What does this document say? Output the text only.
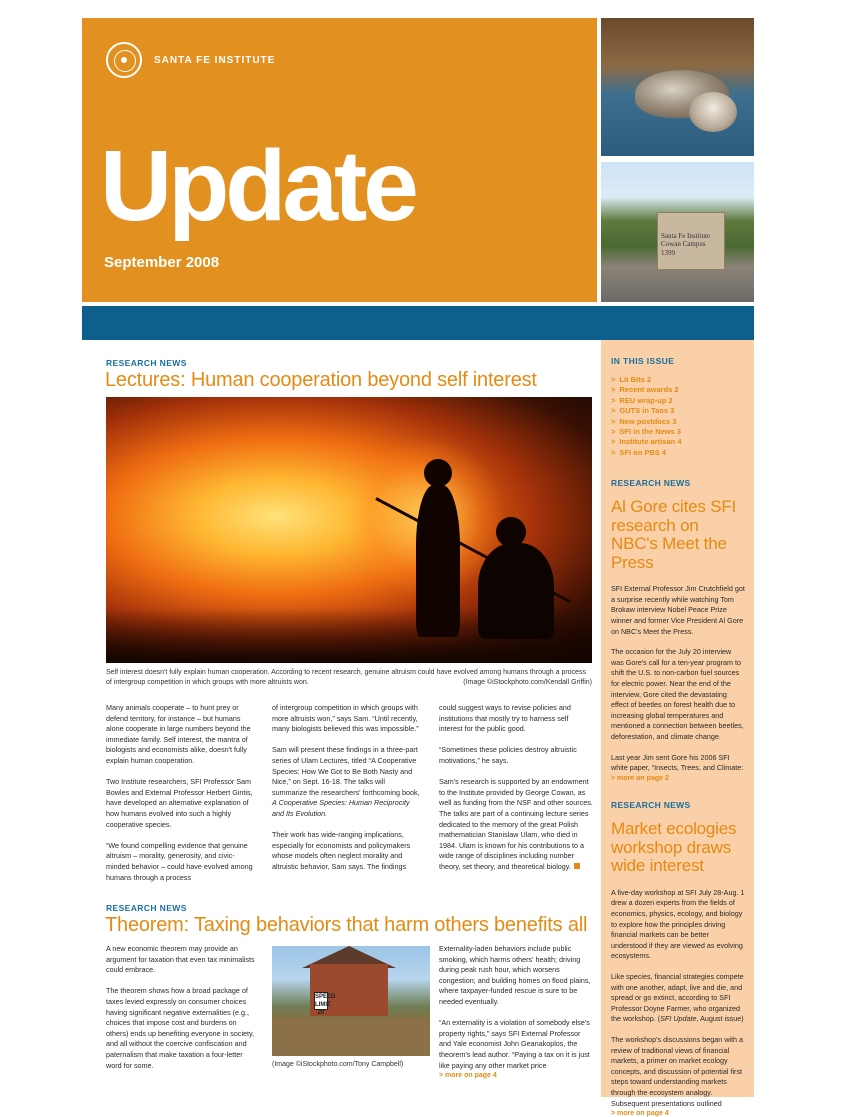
SANTA FE INSTITUTE
Update
September 2008
Santa Fe Institute
Cowan Campus
1399
IN THIS ISSUE
> Lit Bits 2
> Recent awards 2
> REU wrap-up 2
> GUTS in Taos 3
> New postdocs 3
> SFI in the News 3
> Institute artisan 4
> SFI on PBS 4
RESEARCH NEWS
Al Gore cites SFI research on NBC's Meet the Press

SFI External Professor Jim Crutchfield got a surprise recently while watching Tom Brokaw interview Nobel Peace Prize winner and former Vice President Al Gore on NBC's Meet the Press.

The occasion for the July 20 interview was Gore's call for a ten-year program to shift the U.S. to non-carbon fuel sources for electric power. Near the end of the interview, Gore cited the devastating effect of beetles on forest health due to increasing global temperatures and mentioned a connection between beetles, deforestation, and climate change.

Last year Jim sent Gore his 2006 SFI white paper, “Insects, Trees, and Climate:

> more on page 2
RESEARCH NEWS
Market ecologies workshop draws wide interest

A five-day workshop at SFI July 28-Aug. 1 drew a dozen experts from the fields of economics, physics, ecology, and biology to explore how the principles driving financial markets can be better understood if they are viewed as evolving ecosystems.

Like species, financial strategies compete with one another, adapt, live and die, and spread or go extinct, according to SFI Professor Doyne Farmer, who organized the workshop. (SFI Update, August issue)

The workshop's discussions began with a review of traditional views of financial markets, a primer on market ecology concepts, and discussion of potential first steps toward understanding markets through the ecosystem analogy. Subsequent presentations outlined

> more on page 4
RESEARCH NEWS
Lectures: Human cooperation beyond self interest
Self interest doesn't fully explain human cooperation. According to recent research, genuine altruism could have evolved among humans through a process of intergroup competition in which groups with more altruists won.	(Image ©iStockphoto.com/Kendall Griffin)

Many animals cooperate – to hunt prey or defend territory, for instance – but humans alone cooperate in large numbers beyond the immediate family. Self interest, the mantra of biologists and economists alike, doesn't fully explain human cooperation.

Two Institute researchers, SFI Professor Sam Bowles and External Professor Herbert Gintis, have developed an alternative explanation of how humans evolved into such a highly cooperative species.

“We found compelling evidence that genuine altruism – morality, generosity, and civic-minded behavior – could have evolved among humans through a process

of intergroup competition in which groups with more altruists won,” says Sam. “Until recently, many biologists believed this was impossible.”

Sam will present these findings in a three-part series of Ulam Lectures, titled “A Cooperative Species: How We Got to Be Both Nasty and Nice,” on Sept. 16-18. The talks will summarize the researchers' forthcoming book, A Cooperative Species: Human Reciprocity and Its Evolution.

Their work has wide-ranging implications, especially for economists and policymakers whose models often neglect morality and altruistic behavior, Sam says. The findings

could suggest ways to revise policies and institutions that mostly try to harness self interest for the public good.

“Sometimes these policies destroy altruistic motivations,” he says.

Sam's research is supported by an endowment to the Institute provided by George Cowan, as well as funding from the NSF and other sources. The talks are part of a continuing lecture series dedicated to the memory of the great Polish mathematician Stanislaw Ulam, who died in 1984. Ulam is known for his contributions to a wide range of disciplines including number theory, set theory, and theoretical biology.

RESEARCH NEWS
Theorem: Taxing behaviors that harm others benefits all

A new economic theorem may provide an argument for taxation that even tax minimalists could embrace.

The theorem shows how a broad package of taxes levied expressly on consumer choices having significant negative externalities (e.g., choices that impose cost and burdens on others) ends up benefiting everyone in society, and all without the coercive confiscation and paternalism that make taxation a four-letter word for some.

SPEED LIMIT 20
(Image ©iStockphoto.com/Tony Campbell)

Externality-laden behaviors include public smoking, which harms others' health; driving during peak rush hour, which worsens congestion; and building homes on flood plains, where taxpayer-funded rescue is sure to be needed eventually.

“An externality is a violation of somebody else's property rights,” says SFI External Professor and Yale economist John Geanakoplos, the theorem's lead author. “Paying a tax on it is just like paying any other market price

> more on page 4
